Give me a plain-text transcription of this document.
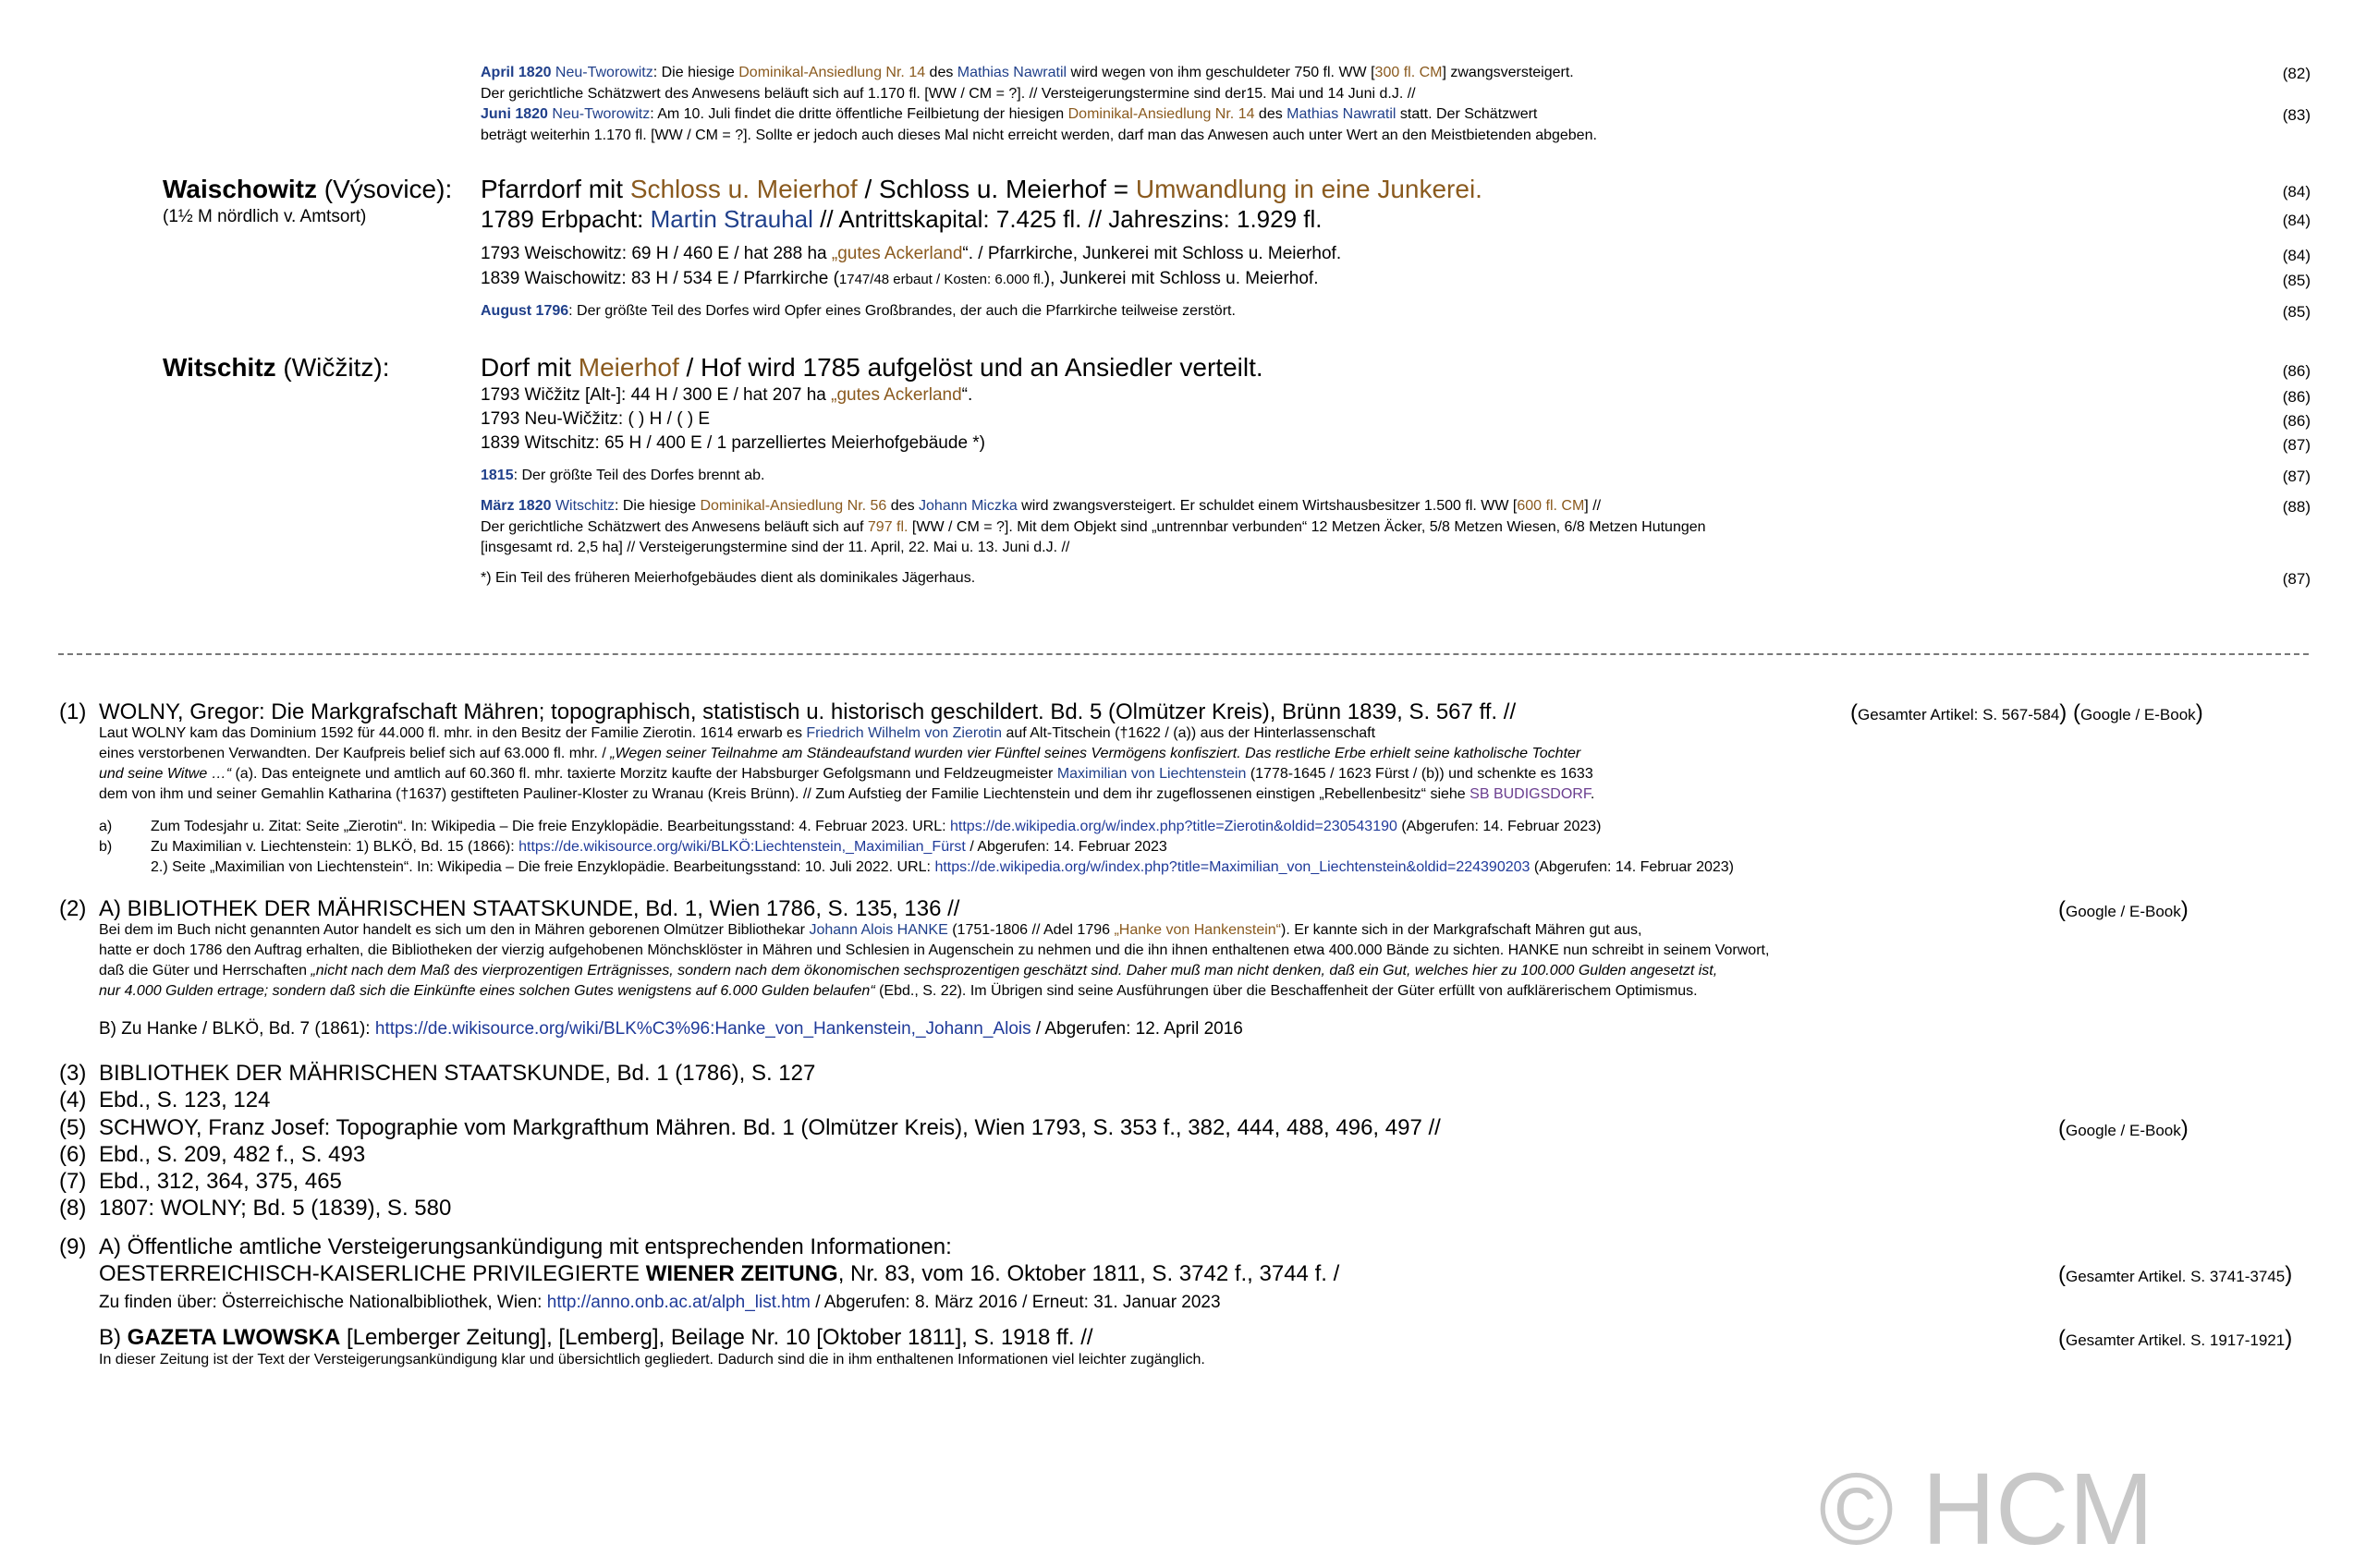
April 1820 Neu-Tworowitz: Die hiesige Dominikal-Ansiedlung Nr. 14 des Mathias Nawratil wird wegen von ihm geschuldeter 750 fl. WW [300 fl. CM] zwangsversteigert.	(82)
Der gerichtliche Schätzwert des Anwesens beläuft sich auf 1.170 fl. [WW / CM = ?]. // Versteigerungstermine sind der15. Mai und 14 Juni d.J. //
Juni 1820 Neu-Tworowitz: Am 10. Juli findet die dritte öffentliche Feilbietung der hiesigen Dominikal-Ansiedlung Nr. 14 des Mathias Nawratil statt. Der Schätzwert	(83)
beträgt weiterhin 1.170 fl. [WW / CM = ?]. Sollte er jedoch auch dieses Mal nicht erreicht werden, darf man das Anwesen auch unter Wert an den Meistbietenden abgeben.
Waischowitz (Výsovice):
(1½ M nördlich v. Amtsort)
Pfarrdorf mit Schloss u. Meierhof / Schloss u. Meierhof = Umwandlung in eine Junkerei.	(84)
1789 Erbpacht: Martin Strauhal // Antrittskapital: 7.425 fl. // Jahreszins: 1.929 fl.	(84)
1793 Weischowitz: 69 H / 460 E / hat 288 ha „gutes Ackerland“. / Pfarrkirche, Junkerei mit Schloss u. Meierhof.	(84)
1839 Waischowitz: 83 H / 534 E / Pfarrkirche (1747/48 erbaut / Kosten: 6.000 fl.), Junkerei mit Schloss u. Meierhof.	(85)
August 1796: Der größte Teil des Dorfes wird Opfer eines Großbrandes, der auch die Pfarrkirche teilweise zerstört.	(85)
Witschitz (Wičžitz):	Dorf mit Meierhof / Hof wird 1785 aufgelöst und an Ansiedler verteilt.	(86)
1793 Wičžitz [Alt-]: 44 H / 300 E / hat 207 ha „gutes Ackerland“.	(86)
1793 Neu-Wičžitz: ( ) H / ( ) E	(86)
1839 Witschitz: 65 H / 400 E / 1 parzelliertes Meierhofgebäude *)	(87)
1815: Der größte Teil des Dorfes brennt ab.	(87)
März 1820 Witschitz: Die hiesige Dominikal-Ansiedlung Nr. 56 des Johann Miczka wird zwangsversteigert. Er schuldet einem Wirtshausbesitzer 1.500 fl. WW [600 fl. CM] //	(88)
Der gerichtliche Schätzwert des Anwesens beläuft sich auf 797 fl. [WW / CM = ?]. Mit dem Objekt sind „untrennbar verbunden“ 12 Metzen Äcker, 5/8 Metzen Wiesen, 6/8 Metzen Hutungen
[insgesamt rd. 2,5 ha] // Versteigerungstermine sind der 11. April, 22. Mai u. 13. Juni d.J. //
*) Ein Teil des früheren Meierhofgebäudes dient als dominikales Jägerhaus.	(87)
(1) WOLNY, Gregor: Die Markgrafschaft Mähren; topographisch, statistisch u. historisch geschildert. Bd. 5 (Olmützer Kreis), Brünn 1839, S. 567 ff. //	(Gesamter Artikel: S. 567-584) (Google / E-Book)
Laut WOLNY kam das Dominium 1592 für 44.000 fl. mhr. in den Besitz der Familie Zierotin. 1614 erwarb es Friedrich Wilhelm von Zierotin auf Alt-Titschein (†1622 / (a)) aus der Hinterlassenschaft
eines verstorbenen Verwandten. Der Kaufpreis belief sich auf 63.000 fl. mhr. / „Wegen seiner Teilnahme am Ständeaufstand wurden vier Fünftel seines Vermögens konfisziert. Das restliche Erbe erhielt seine katholische Tochter
und seine Witwe …“ (a). Das enteignete und amtlich auf 60.360 fl. mhr. taxierte Morzitz kaufte der Habsburger Gefolgsmann und Feldzeugmeister Maximilian von Liechtenstein (1778-1645 / 1623 Fürst / (b)) und schenkte es 1633
dem von ihm und seiner Gemahlin Katharina (†1637) gestifteten Pauliner-Kloster zu Wranau (Kreis Brünn). // Zum Aufstieg der Familie Liechtenstein und dem ihr zugeflossenen einstigen „Rebellenbesitz“ siehe SB BUDIGSDORF.
a)	Zum Todesjahr u. Zitat: Seite „Zierotin“. In: Wikipedia – Die freie Enzyklopädie. Bearbeitungsstand: 4. Februar 2023. URL: https://de.wikipedia.org/w/index.php?title=Zierotin&oldid=230543190 (Abgerufen: 14. Februar 2023)
b)	Zu Maximilian v. Liechtenstein: 1) BLKÖ, Bd. 15 (1866): https://de.wikisource.org/wiki/BLKÖ:Liechtenstein,_Maximilian_Fürst / Abgerufen: 14. Februar 2023
2.) Seite „Maximilian von Liechtenstein“. In: Wikipedia – Die freie Enzyklopädie. Bearbeitungsstand: 10. Juli 2022. URL: https://de.wikipedia.org/w/index.php?title=Maximilian_von_Liechtenstein&oldid=224390203 (Abgerufen: 14. Februar 2023)
(2) A) BIBLIOTHEK DER MÄHRISCHEN STAATSKUNDE, Bd. 1, Wien 1786, S. 135, 136 //	(Google / E-Book)
Bei dem im Buch nicht genannten Autor handelt es sich um den in Mähren geborenen Olmützer Bibliothekar Johann Alois HANKE (1751-1806 // Adel 1796 „Hanke von Hankenstein“). Er kannte sich in der Markgrafschaft Mähren gut aus,
hatte er doch 1786 den Auftrag erhalten, die Bibliotheken der vierzig aufgehobenen Mönchsklöster in Mähren und Schlesien in Augenschein zu nehmen und die ihn ihnen enthaltenen etwa 400.000 Bände zu sichten. HANKE nun schreibt in seinem Vorwort,
daß die Güter und Herrschaften „nicht nach dem Maß des vierprozentigen Erträgnisses, sondern nach dem ökonomischen sechsprozentigen geschätzt sind. Daher muß man nicht denken, daß ein Gut, welches hier zu 100.000 Gulden angesetzt ist,
nur 4.000 Gulden ertrage; sondern daß sich die Einkünfte eines solchen Gutes wenigstens auf 6.000 Gulden belaufen“ (Ebd., S. 22). Im Übrigen sind seine Ausführungen über die Beschaffenheit der Güter erfüllt von aufklärerischem Optimismus.
B) Zu Hanke / BLKÖ, Bd. 7 (1861): https://de.wikisource.org/wiki/BLK%C3%96:Hanke_von_Hankenstein,_Johann_Alois / Abgerufen: 12. April 2016
(3) BIBLIOTHEK DER MÄHRISCHEN STAATSKUNDE, Bd. 1 (1786), S. 127
(4) Ebd., S. 123, 124
(5) SCHWOY, Franz Josef: Topographie vom Markgrafthum Mähren. Bd. 1 (Olmützer Kreis), Wien 1793, S. 353 f., 382, 444, 488, 496, 497 //	(Google / E-Book)
(6) Ebd., S. 209, 482 f., S. 493
(7) Ebd., 312, 364, 375, 465
(8) 1807: WOLNY; Bd. 5 (1839), S. 580
(9) A) Öffentliche amtliche Versteigerungsankündigung mit entsprechenden Informationen:
OESTERREICHISCH-KAISERLICHE PRIVILEGIERTE WIENER ZEITUNG, Nr. 83, vom 16. Oktober 1811, S. 3742 f., 3744 f. /	(Gesamter Artikel. S. 3741-3745)
Zu finden über: Österreichische Nationalbibliothek, Wien: http://anno.onb.ac.at/alph_list.htm / Abgerufen: 8. März 2016 / Erneut: 31. Januar 2023
B) GAZETA LWOWSKA [Lemberger Zeitung], [Lemberg], Beilage Nr. 10 [Oktober 1811], S. 1918 ff. //	(Gesamter Artikel. S. 1917-1921)
In dieser Zeitung ist der Text der Versteigerungsankündigung klar und übersichtlich gegliedert. Dadurch sind die in ihm enthaltenen Informationen viel leichter zugänglich.
© HCM
